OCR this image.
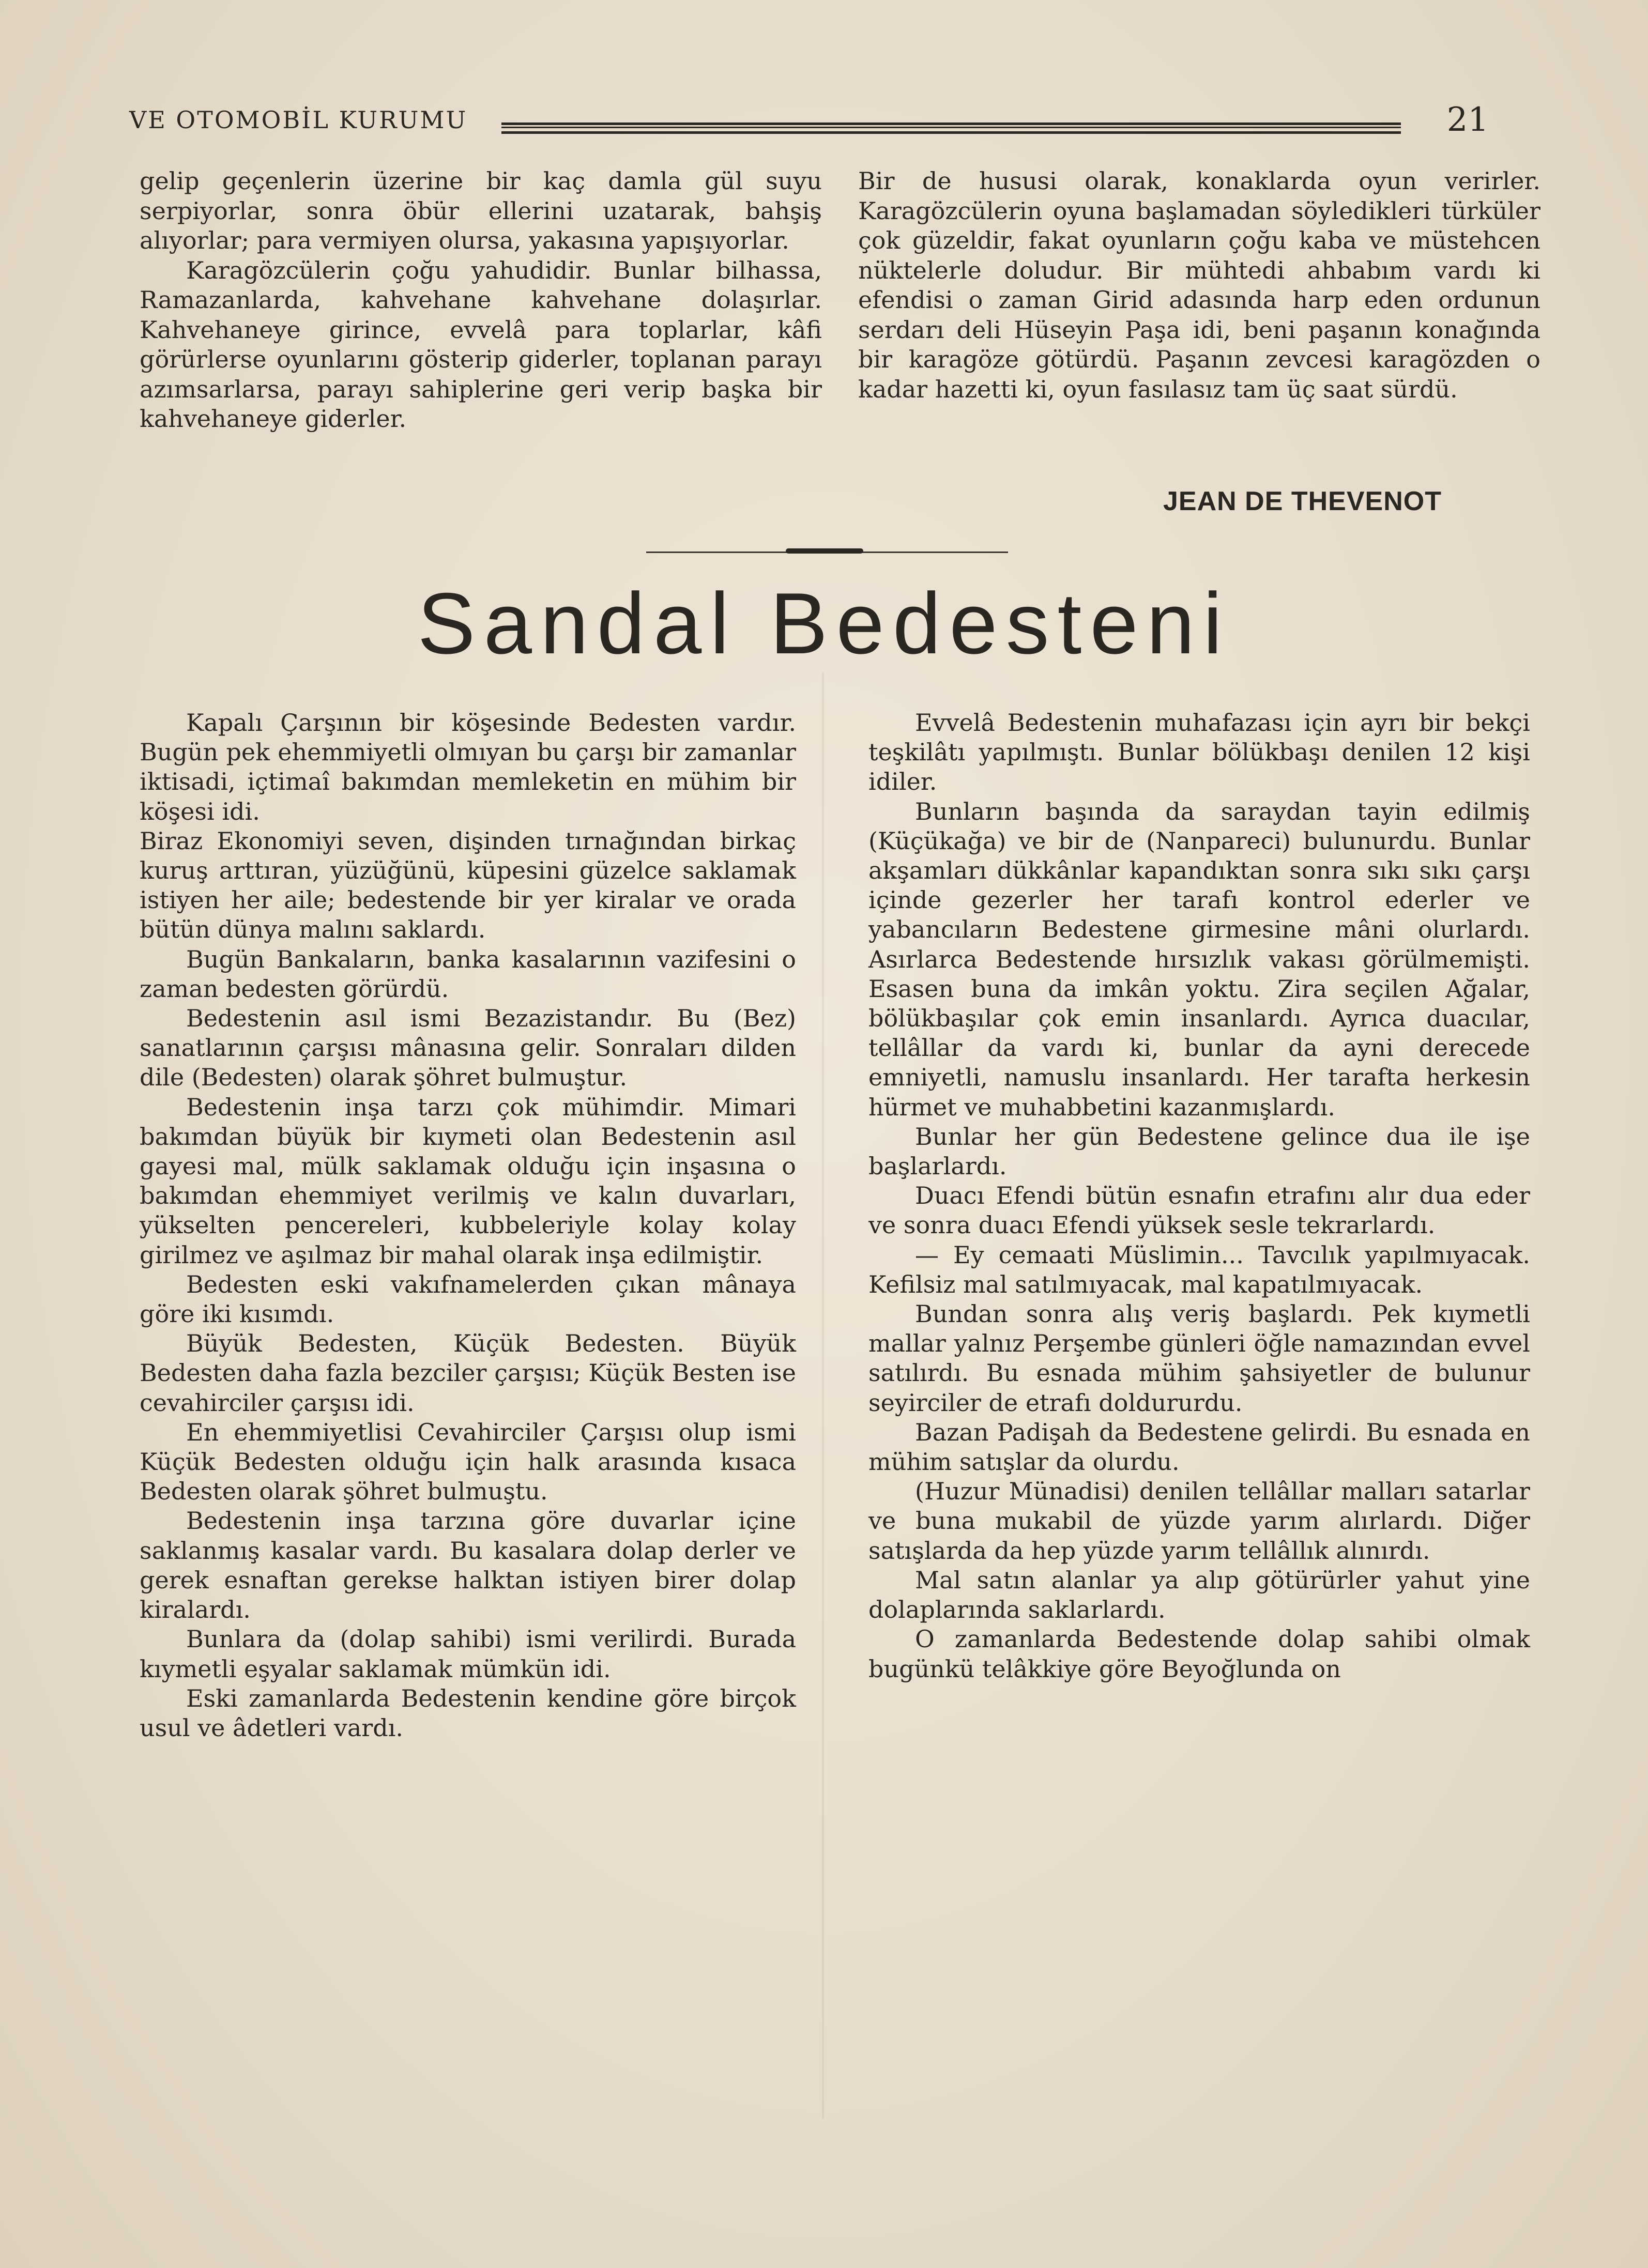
VE OTOMOBİL KURUMU	21

gelip geçenlerin üzerine bir kaç damla gül suyu serpiyorlar, sonra öbür ellerini uzatarak, bahşiş alıyorlar; para vermiyen olursa, yakasına yapışıyorlar.

Karagözcülerin çoğu yahudidir. Bunlar bilhassa, Ramazanlarda, kahvehane kahvehane dolaşırlar. Kahvehaneye girince, evvelâ para toplarlar, kâfi görürlerse oyunlarını gösterip giderler, toplanan parayı azımsarlarsa, parayı sahiplerine geri verip başka bir kahvehaneye giderler.

Bir de hususi olarak, konaklarda oyun verirler. Karagözcülerin oyuna başlamadan söyledikleri türküler çok güzeldir, fakat oyunların çoğu kaba ve müstehcen nüktelerle doludur. Bir mühtedi ahbabım vardı ki efendisi o zaman Girid adasında harp eden ordunun serdarı deli Hüseyin Paşa idi, beni paşanın konağında bir karagöze götürdü. Paşanın zevcesi karagözden o kadar hazetti ki, oyun fasılasız tam üç saat sürdü.

JEAN DE THEVENOT
Sandal Bedesteni

Kapalı Çarşının bir köşesinde Bedesten vardır. Bugün pek ehemmiyetli olmıyan bu çarşı bir zamanlar iktisadi, içtimaî bakımdan memleketin en mühim bir köşesi idi.

Biraz Ekonomiyi seven, dişinden tırnağından birkaç kuruş arttıran, yüzüğünü, küpesini güzelce saklamak istiyen her aile; bedestende bir yer kiralar ve orada bütün dünya malını saklardı.

Bugün Bankaların, banka kasalarının vazifesini o zaman bedesten görürdü.

Bedestenin asıl ismi Bezazistandır. Bu (Bez) sanatlarının çarşısı mânasına gelir. Sonraları dilden dile (Bedesten) olarak şöhret bulmuştur.

Bedestenin inşa tarzı çok mühimdir. Mimari bakımdan büyük bir kıymeti olan Bedestenin asıl gayesi mal, mülk saklamak olduğu için inşasına o bakımdan ehemmiyet verilmiş ve kalın duvarları, yükselten pencereleri, kubbeleriyle kolay kolay girilmez ve aşılmaz bir mahal olarak inşa edilmiştir.

Bedesten eski vakıfnamelerden çıkan mânaya göre iki kısımdı.

Büyük Bedesten, Küçük Bedesten. Büyük Bedesten daha fazla bezciler çarşısı; Küçük Besten ise cevahirciler çarşısı idi.

En ehemmiyetlisi Cevahirciler Çarşısı olup ismi Küçük Bedesten olduğu için halk arasında kısaca Bedesten olarak şöhret bulmuştu.

Bedestenin inşa tarzına göre duvarlar içine saklanmış kasalar vardı. Bu kasalara dolap derler ve gerek esnaftan gerekse halktan istiyen birer dolap kiralardı.

Bunlara da (dolap sahibi) ismi verilirdi. Burada kıymetli eşyalar saklamak mümkün idi.

Eski zamanlarda Bedestenin kendine göre birçok usul ve âdetleri vardı.

Evvelâ Bedestenin muhafazası için ayrı bir bekçi teşkilâtı yapılmıştı. Bunlar bölükbaşı denilen 12 kişi idiler.

Bunların başında da saraydan tayin edilmiş (Küçükağa) ve bir de (Nanpareci) bulunurdu. Bunlar akşamları dükkânlar kapandıktan sonra sıkı sıkı çarşı içinde gezerler her tarafı kontrol ederler ve yabancıların Bedestene girmesine mâni olurlardı. Asırlarca Bedestende hırsızlık vakası görülmemişti. Esasen buna da imkân yoktu. Zira seçilen Ağalar, bölükbaşılar çok emin insanlardı. Ayrıca duacılar, tellâllar da vardı ki, bunlar da ayni derecede emniyetli, namuslu insanlardı. Her tarafta herkesin hürmet ve muhabbetini kazanmışlardı.

Bunlar her gün Bedestene gelince dua ile işe başlarlardı.

Duacı Efendi bütün esnafın etrafını alır dua eder ve sonra duacı Efendi yüksek sesle tekrarlardı.

— Ey cemaati Müslimin... Tavcılık yapılmıyacak. Kefilsiz mal satılmıyacak, mal kapatılmıyacak.

Bundan sonra alış veriş başlardı. Pek kıymetli mallar yalnız Perşembe günleri öğle namazından evvel satılırdı. Bu esnada mühim şahsiyetler de bulunur seyirciler de etrafı doldururdu.

Bazan Padişah da Bedestene gelirdi. Bu esnada en mühim satışlar da olurdu.

(Huzur Münadisi) denilen tellâllar malları satarlar ve buna mukabil de yüzde yarım alırlardı. Diğer satışlarda da hep yüzde yarım tellâllık alınırdı.

Mal satın alanlar ya alıp götürürler yahut yine dolaplarında saklarlardı.

O zamanlarda Bedestende dolap sahibi olmak bugünkü telâkkiye göre Beyoğlunda on
